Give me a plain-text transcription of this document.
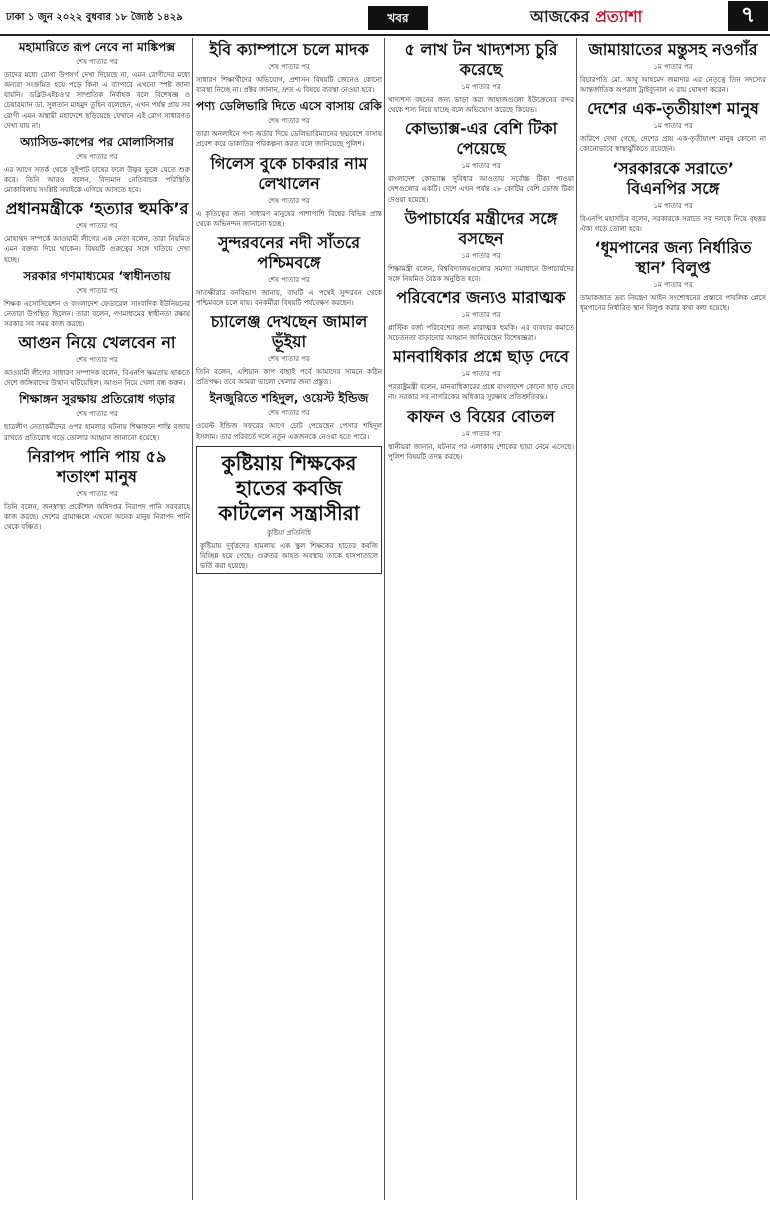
ঢাকা ১ জুন ২০২২ বুধবার ১৮ জ্যৈষ্ঠ ১৪২৯	খবর	আজকের প্রত্যাশা	৭
মহামারিতে রূপ নেবে না মাঙ্কিপক্স
শেষ পাতার পর

তাদের মধ্যে রোগা উপসর্গ দেখা দিয়েছে না, এমন রোগীদের মধ্যে অন্যরা সংক্রমিত হয়ে পড়ে কিনা এ ব্যাপারে এখনো স্পষ্ট জানা যায়নি। ডব্লিউএইচও'র সাম্প্রতিক নির্বাহক বলে বিশেষজ্ঞ ও চেয়ারম্যান ডা. সুলতান মাহমুদ তুহিন বলেছেন, এখন পর্যন্ত প্রায় সব রোগী এমন অস্থায়ী মহাদেশে ছড়িয়েছে যেখানে এই রোগ সাধারণত দেখা যায় না।

অ্যাসিড-কাপের পর মোলাসিসার
শেষ পাতার পর

এর আগে সতর্ক থেকে সুইপাট চাষের ফলে উদ্ভব ভুলে যেতে শুরু করে। তিনি আরও বলেন, বিদ্যমান নেতিবাচক পরিস্থিতি মোকাবিলায় সংশ্লিষ্ট সবাইকে এগিয়ে আসতে হবে।

প্রধানমন্ত্রীকে ‘হত্যার হুমকি’র
শেষ পাতার পর

মোহাম্মদ সম্পর্কে আওয়ামী লীগের এক নেতা বলেন, তারা নিয়মিত এমন বক্তব্য দিয়ে থাকেন। বিষয়টি গুরুত্বের সঙ্গে খতিয়ে দেখা হচ্ছে।

সরকার গণমাধ্যমের ‘স্বাধীনতায়
শেষ পাতার পর

শিক্ষক এসোসিয়েশন ও বাংলাদেশ ফেডারেল সাংবাদিক ইউনিয়নের নেতারা উপস্থিত ছিলেন। তারা বলেন, গণমাধ্যমের স্বাধীনতা রক্ষায় সরকার সব সময় কাজ করছে।

আগুন নিয়ে খেলবেন না
শেষ পাতার পর

আওয়ামী লীগের সাধারণ সম্পাদক বলেন, বিএনপি ক্ষমতায় থাকতে দেশে জঙ্গিবাদের উত্থান ঘটিয়েছিল। আগুন নিয়ে খেলা বন্ধ করুন।

শিক্ষাঙ্গন সুরক্ষায় প্রতিরোধ গড়ার
শেষ পাতার পর

ছাত্রলীগ নেতাকর্মীদের ওপর হামলার ঘটনায় শিক্ষাঙ্গনে শান্তি বজায় রাখতে প্রতিরোধ গড়ে তোলার আহ্বান জানানো হয়েছে।

নিরাপদ পানি পায় ৫৯ শতাংশ মানুষ
শেষ পাতার পর

তিনি বলেন, জনস্বাস্থ্য প্রকৌশল অধিদপ্তর নিরাপদ পানি সরবরাহে কাজ করছে। দেশের গ্রামাঞ্চলে এখনো অনেক মানুষ নিরাপদ পানি থেকে বঞ্চিত।

ইবি ক্যাম্পাসে চলে মাদক
শেষ পাতার পর

সাধারণ শিক্ষার্থীদের অভিযোগ, প্রশাসন বিষয়টি জেনেও কোনো ব্যবস্থা নিচ্ছে না। প্রক্টর জানান, দ্রুত এ বিষয়ে ব্যবস্থা নেওয়া হবে।

পণ্য ডেলিভারি দিতে এসে বাসায় রেকি
শেষ পাতার পর

তারা অনলাইনে পণ্য অর্ডার দিয়ে ডেলিভারিম্যানের ছদ্মবেশে বাসায় প্রবেশ করে ডাকাতির পরিকল্পনা করত বলে জানিয়েছে পুলিশ।

গিলেস বুকে চাকরার নাম লেখালেন
শেষ পাতার পর

এ কৃতিত্বের জন্য সাধারণ মানুষের পাশাপাশি বিশ্বের বিভিন্ন প্রান্ত থেকে অভিনন্দন জানানো হচ্ছে।

সুন্দরবনের নদী সাঁতরে পশ্চিমবঙ্গে
শেষ পাতার পর

সাতক্ষীরার বনবিভাগ জানায়, বাঘটি এ পথেই সুন্দরবন থেকে পশ্চিমবঙ্গে চলে যায়। বনকর্মীরা বিষয়টি পর্যবেক্ষণ করছেন।

চ্যালেঞ্জ দেখছেন জামাল ভূঁইয়া
শেষ পাতার পর

তিনি বলেন, এশিয়ান কাপ বাছাই পর্বে আমাদের সামনে কঠিন প্রতিপক্ষ। তবে আমরা ভালো খেলার জন্য প্রস্তুত।

ইনজুরিতে শহিদুল, ওয়েস্ট ইন্ডিজ
শেষ পাতার পর

ওয়েস্ট ইন্ডিজ সফরের আগে চোট পেয়েছেন পেসার শহিদুল ইসলাম। তার পরিবর্তে দলে নতুন একজনকে নেওয়া হতে পারে।

কুষ্টিয়ায় শিক্ষকের হাতের কবজি কাটলেন সন্ত্রাসীরা
কুষ্টিয়া প্রতিনিধি

কুষ্টিয়ায় দুর্বৃত্তদের হামলায় এক স্কুল শিক্ষকের হাতের কবজি বিচ্ছিন্ন হয়ে গেছে। গুরুতর আহত অবস্থায় তাকে হাসপাতালে ভর্তি করা হয়েছে।

৫ লাখ টন খাদ্যশস্য চুরি করেছে
১ম পাতার পর

খাদ্যশস্য বহনের জন্য ভাড়া করা জাহাজগুলো ইউক্রেনের বন্দর থেকে শস্য নিয়ে যাচ্ছে বলে অভিযোগ করেছে কিয়েভ।

কোভ্যাক্স-এর বেশি টিকা পেয়েছে
১ম পাতার পর

বাংলাদেশ কোভ্যাক্স সুবিধার আওতায় সর্বোচ্চ টিকা পাওয়া দেশগুলোর একটি। দেশে এখন পর্যন্ত ২৮ কোটির বেশি ডোজ টিকা দেওয়া হয়েছে।

উপাচার্যের মন্ত্রীদের সঙ্গে বসছেন
১ম পাতার পর

শিক্ষামন্ত্রী বলেন, বিশ্ববিদ্যালয়গুলোর সমস্যা সমাধানে উপাচার্যদের সঙ্গে নিয়মিত বৈঠক অনুষ্ঠিত হবে।

পরিবেশের জন্যও মারাত্মক
১ম পাতার পর

প্লাস্টিক বর্জ্য পরিবেশের জন্য মারাত্মক হুমকি। এর ব্যবহার কমাতে সচেতনতা বাড়ানোর আহ্বান জানিয়েছেন বিশেষজ্ঞরা।

মানবাধিকার প্রশ্নে ছাড় দেবে
১ম পাতার পর

পররাষ্ট্রমন্ত্রী বলেন, মানবাধিকারের প্রশ্নে বাংলাদেশ কোনো ছাড় দেবে না। সরকার সব নাগরিকের অধিকার সুরক্ষায় প্রতিশ্রুতিবদ্ধ।

কাফন ও বিয়ের বোতল
১ম পাতার পর

স্থানীয়রা জানান, ঘটনার পর এলাকায় শোকের ছায়া নেমে এসেছে। পুলিশ বিষয়টি তদন্ত করছে।

জামায়াতের মন্তুসহ নওগাঁর
১ম পাতার পর

বিচারপতি মো. আবু আহমেদ জমাদার এর নেতৃত্বে তিন সদস্যের আন্তর্জাতিক অপরাধ ট্রাইব্যুনাল এ রায় ঘোষণা করেন।

দেশের এক-তৃতীয়াংশ মানুষ
১ম পাতার পর

জরিপে দেখা গেছে, দেশের প্রায় এক-তৃতীয়াংশ মানুষ কোনো না কোনোভাবে স্বাস্থ্যঝুঁকিতে রয়েছেন।

‘সরকারকে সরাতে’ বিএনপির সঙ্গে
১ম পাতার পর

বিএনপি মহাসচিব বলেন, সরকারকে সরাতে সব দলকে নিয়ে বৃহত্তর ঐক্য গড়ে তোলা হবে।

‘ধূমপানের জন্য নির্ধারিত স্থান’ বিলুপ্ত
১ম পাতার পর

তামাকজাত দ্রব্য নিয়ন্ত্রণ আইন সংশোধনের প্রস্তাবে পাবলিক প্লেসে ধূমপানের নির্ধারিত স্থান বিলুপ্ত করার কথা বলা হয়েছে।
